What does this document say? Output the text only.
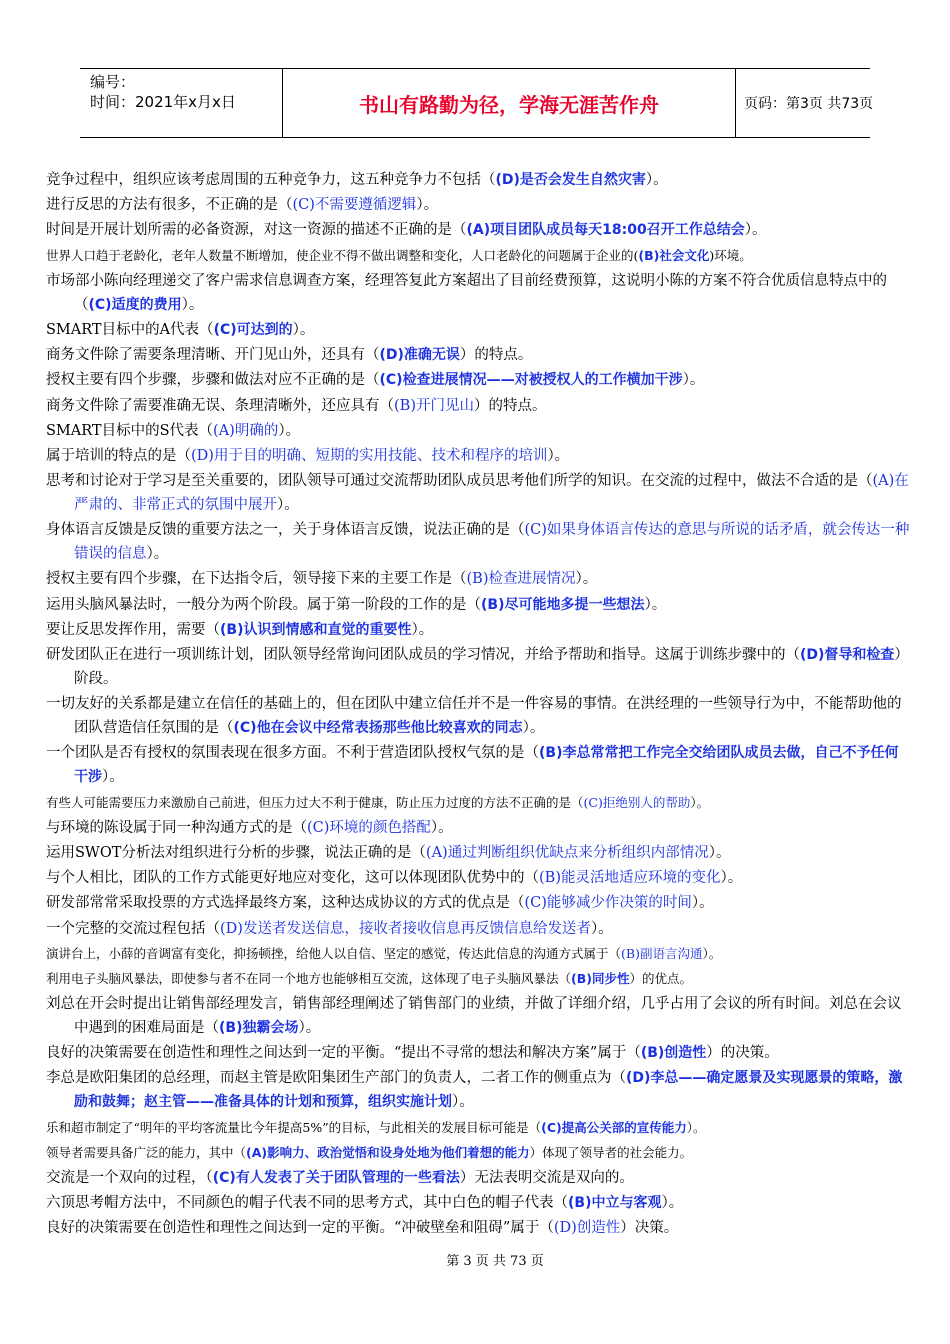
编号：
时间：2021年x月x日	书山有路勤为径，学海无涯苦作舟	页码：第3页 共73页
竞争过程中，组织应该考虑周围的五种竞争力，这五种竞争力不包括（(D)是否会发生自然灾害）。
进行反思的方法有很多，不正确的是（(C)不需要遵循逻辑）。
时间是开展计划所需的必备资源，对这一资源的描述不正确的是（(A)项目团队成员每天18:00召开工作总结会）。
世界人口趋于老龄化，老年人数量不断增加，使企业不得不做出调整和变化，人口老龄化的问题属于企业的((B)社会文化)环境。
市场部小陈向经理递交了客户需求信息调查方案，经理答复此方案超出了目前经费预算，这说明小陈的方案不符合优质信息特点中的（(C)适度的费用）。
SMART目标中的A代表（(C)可达到的）。
商务文件除了需要条理清晰、开门见山外，还具有（(D)准确无误）的特点。
授权主要有四个步骤，步骤和做法对应不正确的是（(C)检查进展情况——对被授权人的工作横加干涉）。
商务文件除了需要准确无误、条理清晰外，还应具有（(B)开门见山）的特点。
SMART目标中的S代表（(A)明确的）。
属于培训的特点的是（(D)用于目的明确、短期的实用技能、技术和程序的培训）。
思考和讨论对于学习是至关重要的，团队领导可通过交流帮助团队成员思考他们所学的知识。在交流的过程中，做法不合适的是（(A)在严肃的、非常正式的氛围中展开）。
身体语言反馈是反馈的重要方法之一，关于身体语言反馈，说法正确的是（(C)如果身体语言传达的意思与所说的话矛盾，就会传达一种错误的信息）。
授权主要有四个步骤，在下达指令后，领导接下来的主要工作是（(B)检查进展情况）。
运用头脑风暴法时，一般分为两个阶段。属于第一阶段的工作的是（(B)尽可能地多提一些想法）。
要让反思发挥作用，需要（(B)认识到情感和直觉的重要性）。
研发团队正在进行一项训练计划，团队领导经常询问团队成员的学习情况，并给予帮助和指导。这属于训练步骤中的（(D)督导和检查）阶段。
一切友好的关系都是建立在信任的基础上的，但在团队中建立信任并不是一件容易的事情。在洪经理的一些领导行为中，不能帮助他的团队营造信任氛围的是（(C)他在会议中经常表扬那些他比较喜欢的同志）。
一个团队是否有授权的氛围表现在很多方面。不利于营造团队授权气氛的是（(B)李总常常把工作完全交给团队成员去做，自己不予任何干涉）。
有些人可能需要压力来激励自己前进，但压力过大不利于健康，防止压力过度的方法不正确的是（(C)拒绝别人的帮助）。
与环境的陈设属于同一种沟通方式的是（(C)环境的颜色搭配）。
运用SWOT分析法对组织进行分析的步骤，说法正确的是（(A)通过判断组织优缺点来分析组织内部情况）。
与个人相比，团队的工作方式能更好地应对变化，这可以体现团队优势中的（(B)能灵活地适应环境的变化）。
研发部常常采取投票的方式选择最终方案，这种达成协议的方式的优点是（(C)能够减少作决策的时间）。
一个完整的交流过程包括（(D)发送者发送信息，接收者接收信息再反馈信息给发送者）。
演讲台上，小薛的音调富有变化，抑扬顿挫，给他人以自信、坚定的感觉，传达此信息的沟通方式属于（(B)副语言沟通）。
利用电子头脑风暴法，即使参与者不在同一个地方也能够相互交流，这体现了电子头脑风暴法（(B)同步性）的优点。
刘总在开会时提出让销售部经理发言，销售部经理阐述了销售部门的业绩，并做了详细介绍，几乎占用了会议的所有时间。刘总在会议中遇到的困难局面是（(B)独霸会场）。
良好的决策需要在创造性和理性之间达到一定的平衡。“提出不寻常的想法和解决方案”属于（(B)创造性）的决策。
李总是欧阳集团的总经理，而赵主管是欧阳集团生产部门的负责人，二者工作的侧重点为（(D)李总——确定愿景及实现愿景的策略，激励和鼓舞；赵主管——准备具体的计划和预算，组织实施计划）。
乐和超市制定了“明年的平均客流量比今年提高5%”的目标，与此相关的发展目标可能是（(C)提高公关部的宣传能力）。
领导者需要具备广泛的能力，其中（(A)影响力、政治觉悟和设身处地为他们着想的能力）体现了领导者的社会能力。
交流是一个双向的过程，（(C)有人发表了关于团队管理的一些看法）无法表明交流是双向的。
六顶思考帽方法中，不同颜色的帽子代表不同的思考方式，其中白色的帽子代表（(B)中立与客观）。
良好的决策需要在创造性和理性之间达到一定的平衡。“冲破壁垒和阻碍”属于（(D)创造性）决策。
第 3 页 共 73 页
